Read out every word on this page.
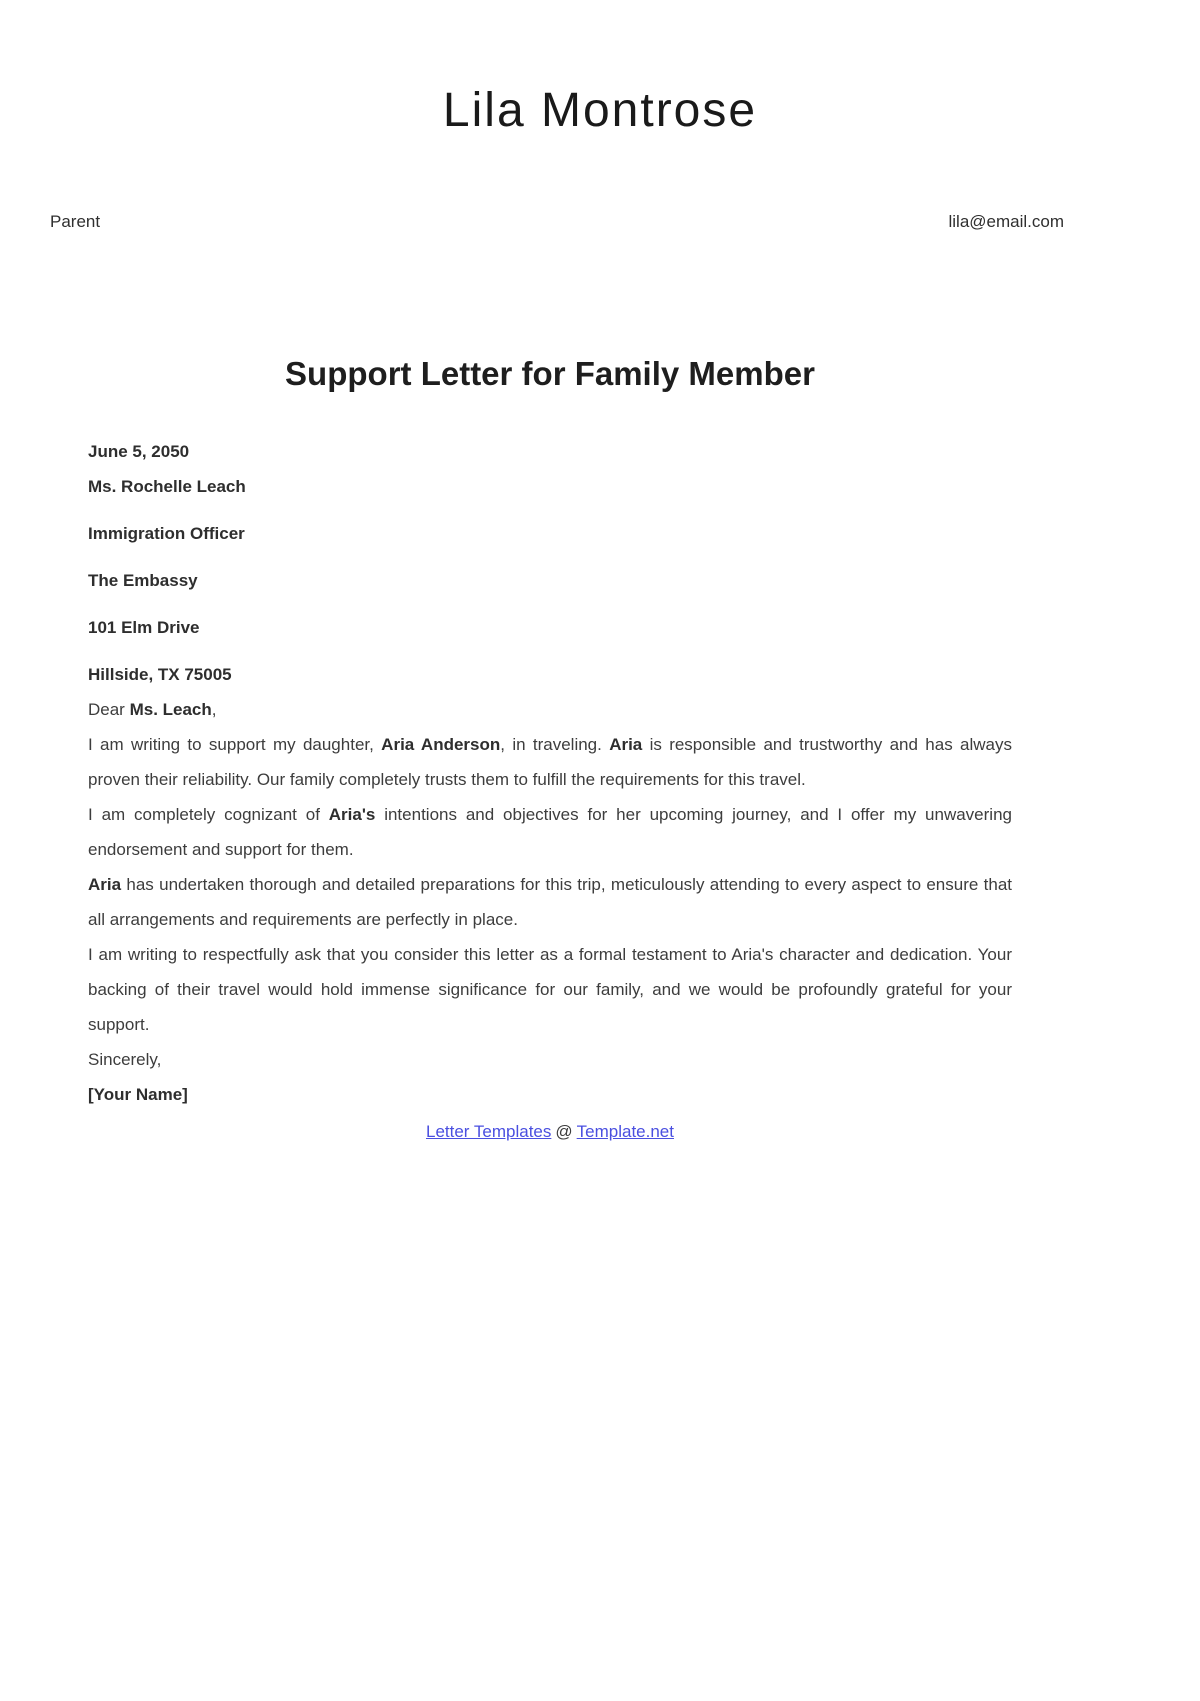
Lila Montrose
Parent	lila@email.com
Support Letter for Family Member

June 5, 2050

Ms. Rochelle Leach

Immigration Officer

The Embassy

101 Elm Drive

Hillside, TX 75005

Dear Ms. Leach,

I am writing to support my daughter, Aria Anderson, in traveling. Aria is responsible and trustworthy and has always proven their reliability. Our family completely trusts them to fulfill the requirements for this travel.

I am completely cognizant of Aria's intentions and objectives for her upcoming journey, and I offer my unwavering endorsement and support for them.

Aria has undertaken thorough and detailed preparations for this trip, meticulously attending to every aspect to ensure that all arrangements and requirements are perfectly in place.

I am writing to respectfully ask that you consider this letter as a formal testament to Aria's character and dedication. Your backing of their travel would hold immense significance for our family, and we would be profoundly grateful for your support.

Sincerely,

[Your Name]

Letter Templates @ Template.net
